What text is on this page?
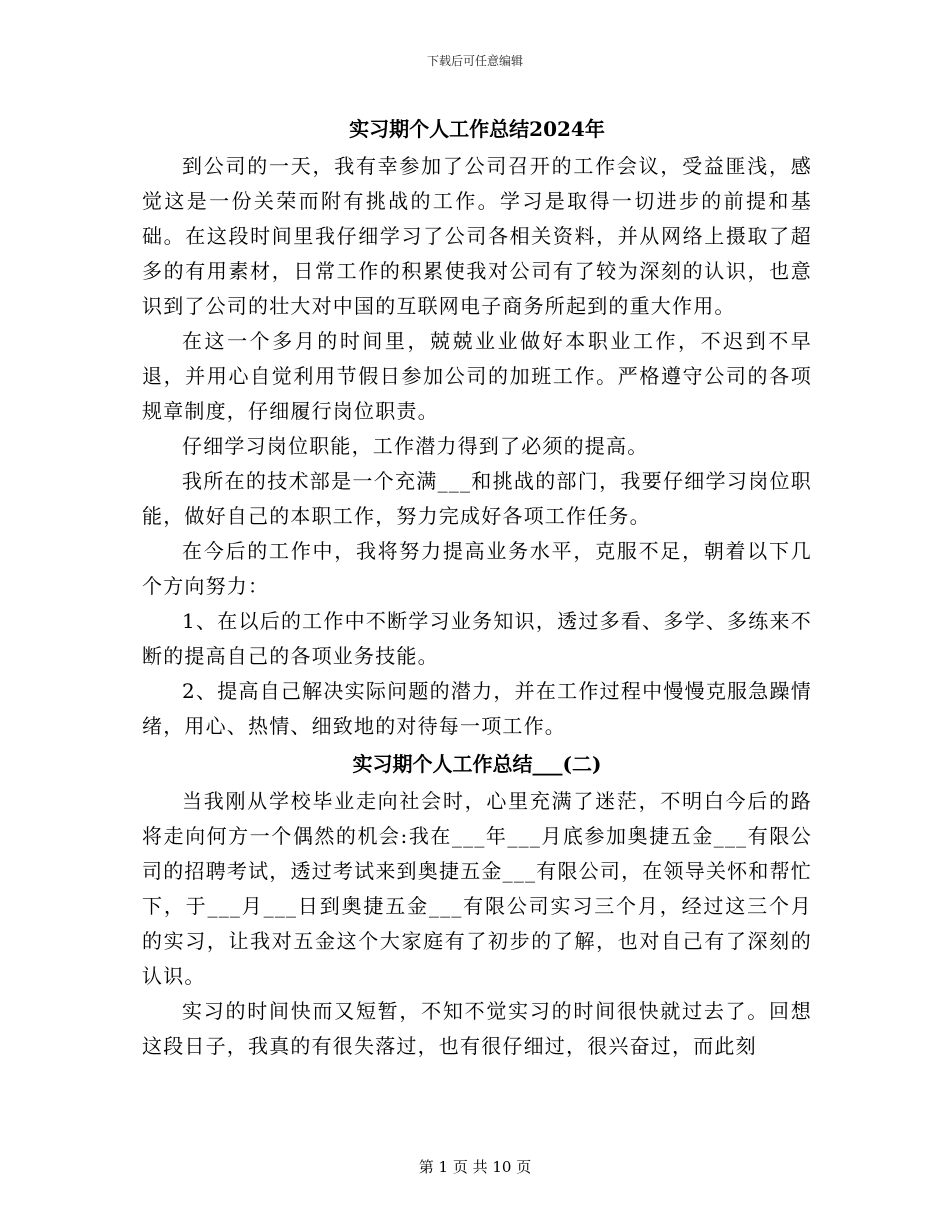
下载后可任意编辑
实习期个人工作总结2024年

到公司的一天，我有幸参加了公司召开的工作会议，受益匪浅，感觉这是一份关荣而附有挑战的工作。学习是取得一切进步的前提和基础。在这段时间里我仔细学习了公司各相关资料，并从网络上摄取了超多的有用素材，日常工作的积累使我对公司有了较为深刻的认识，也意识到了公司的壮大对中国的互联网电子商务所起到的重大作用。

在这一个多月的时间里，兢兢业业做好本职业工作，不迟到不早退，并用心自觉利用节假日参加公司的加班工作。严格遵守公司的各项规章制度，仔细履行岗位职责。

仔细学习岗位职能，工作潜力得到了必须的提高。

我所在的技术部是一个充满___和挑战的部门，我要仔细学习岗位职能，做好自己的本职工作，努力完成好各项工作任务。

在今后的工作中，我将努力提高业务水平，克服不足，朝着以下几个方向努力：

1、在以后的工作中不断学习业务知识，透过多看、多学、多练来不断的提高自己的各项业务技能。

2、提高自己解决实际问题的潜力，并在工作过程中慢慢克服急躁情绪，用心、热情、细致地的对待每一项工作。

实习期个人工作总结___(二)

当我刚从学校毕业走向社会时，心里充满了迷茫，不明白今后的路将走向何方一个偶然的机会:我在___年___月底参加奥捷五金___有限公司的招聘考试，透过考试来到奥捷五金___有限公司，在领导关怀和帮忙下，于___月___日到奥捷五金___有限公司实习三个月，经过这三个月的实习，让我对五金这个大家庭有了初步的了解，也对自己有了深刻的认识。

实习的时间快而又短暂，不知不觉实习的时间很快就过去了。回想这段日子，我真的有很失落过，也有很仔细过，很兴奋过，而此刻

第 1 页 共 10 页
